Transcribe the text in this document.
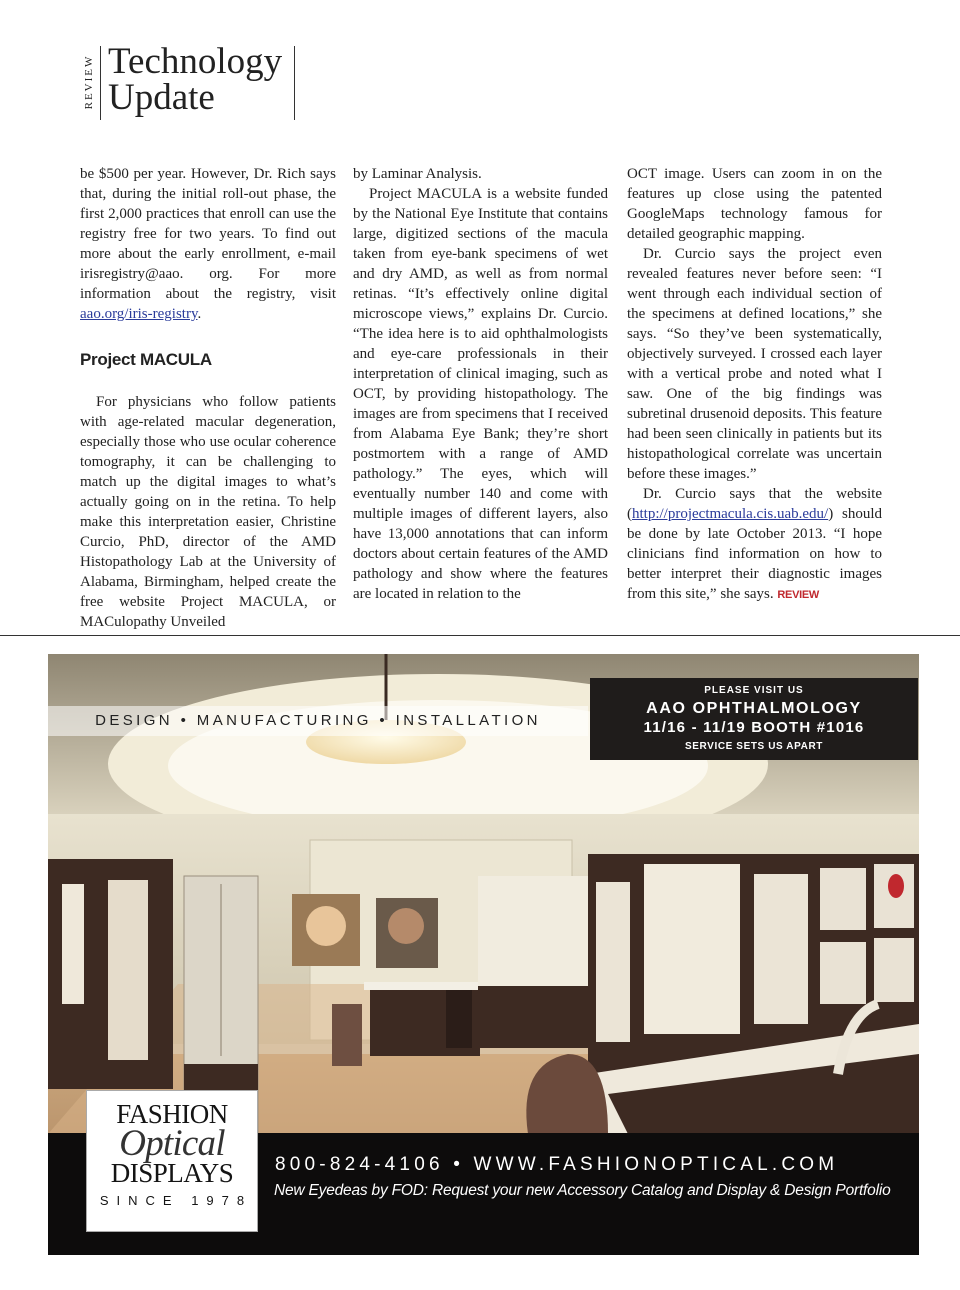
REVIEW Technology
Update

be $500 per year. However, Dr. Rich says that, during the initial roll-out phase, the first 2,000 practices that enroll can use the registry free for two years. To find out more about the early enrollment, e-mail irisregistry@aao. org. For more information about the registry, visit aao.org/iris-registry.

Project MACULA

For physicians who follow patients with age-related macular degeneration, especially those who use ocular coherence tomography, it can be challenging to match up the digital images to what’s actually going on in the retina. To help make this interpretation easier, Christine Curcio, PhD, director of the AMD Histopathology Lab at the University of Alabama, Birmingham, helped create the free website Project MACULA, or MACulopathy Unveiled

by Laminar Analysis.

Project MACULA is a website funded by the National Eye Institute that contains large, digitized sections of the macula taken from eye-bank specimens of wet and dry AMD, as well as from normal retinas. “It’s effectively online digital microscope views,” explains Dr. Curcio. “The idea here is to aid ophthalmologists and eye-care professionals in their interpretation of clinical imaging, such as OCT, by providing histopathology. The images are from specimens that I received from Alabama Eye Bank; they’re short postmortem with a range of AMD pathology.” The eyes, which will eventually number 140 and come with multiple images of different layers, also have 13,000 annotations that can inform doctors about certain features of the AMD pathology and show where the features are located in relation to the

OCT image. Users can zoom in on the features up close using the patented GoogleMaps technology famous for detailed geographic mapping.

Dr. Curcio says the project even revealed features never before seen: “I went through each individual section of the specimens at defined locations,” she says. “So they’ve been systematically, objectively surveyed. I crossed each layer with a vertical probe and noted what I saw. One of the big findings was subretinal drusenoid deposits. This feature had been seen clinically in patients but its histopathological correlate was uncertain before these images.”

Dr. Curcio says that the website (http://projectmacula.cis.uab.edu/) should be done by late October 2013. “I hope clinicians find information on how to better interpret their diagnostic images from this site,” she says. REVIEW

DESIGN • MANUFACTURING • INSTALLATION
PLEASE VISIT US
AAO OPHTHALMOLOGY
11/16 - 11/19 BOOTH #1016
SERVICE SETS US APART
800-824-4106 • WWW.FASHIONOPTICAL.COM
New Eyedeas by FOD: Request your new Accessory Catalog and Display & Design Portfolio
FASHION
Optical
DISPLAYS
SINCE 1978
